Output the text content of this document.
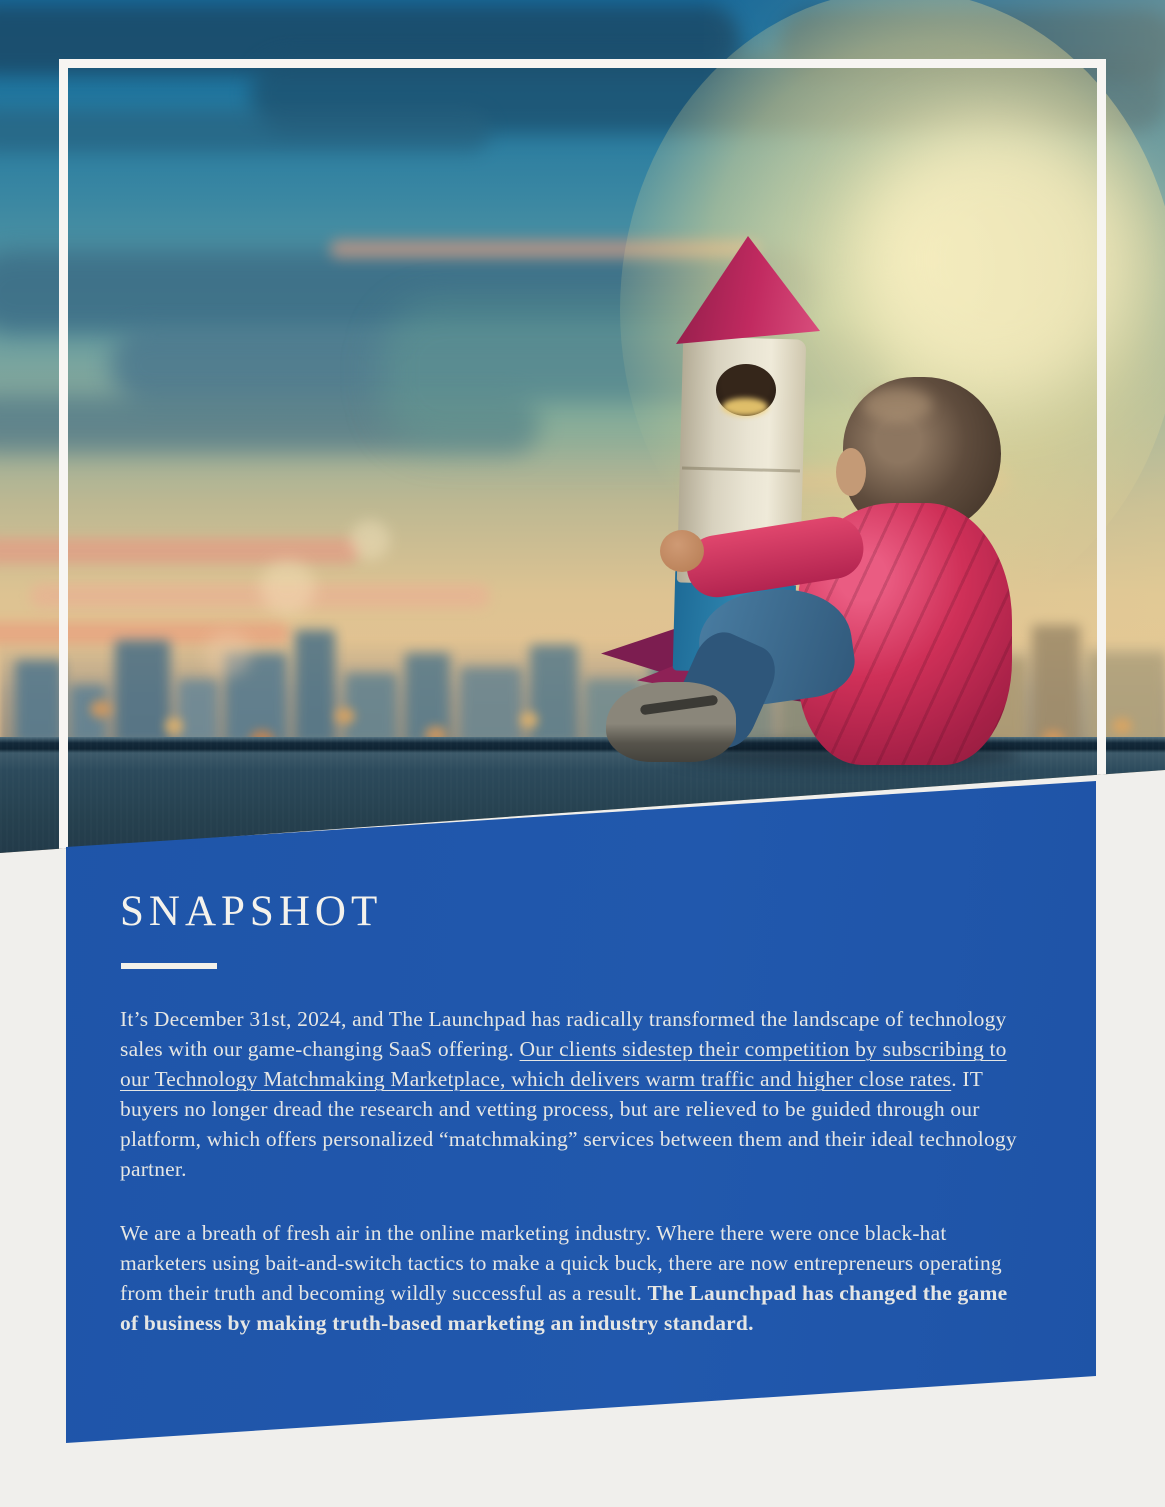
SNAPSHOT

It’s December 31st, 2024, and The Launchpad has radically transformed the landscape of technology sales with our game-changing SaaS offering. Our clients sidestep their competition by subscribing to our Technology Matchmaking Marketplace, which delivers warm traffic and higher close rates. IT buyers no longer dread the research and vetting process, but are relieved to be guided through our platform, which offers personalized “matchmaking” services between them and their ideal technology partner.

We are a breath of fresh air in the online marketing industry. Where there were once black-hat marketers using bait-and-switch tactics to make a quick buck, there are now entrepreneurs operating from their truth and becoming wildly successful as a result. The Launchpad has changed the game of business by making truth-based marketing an industry standard.
